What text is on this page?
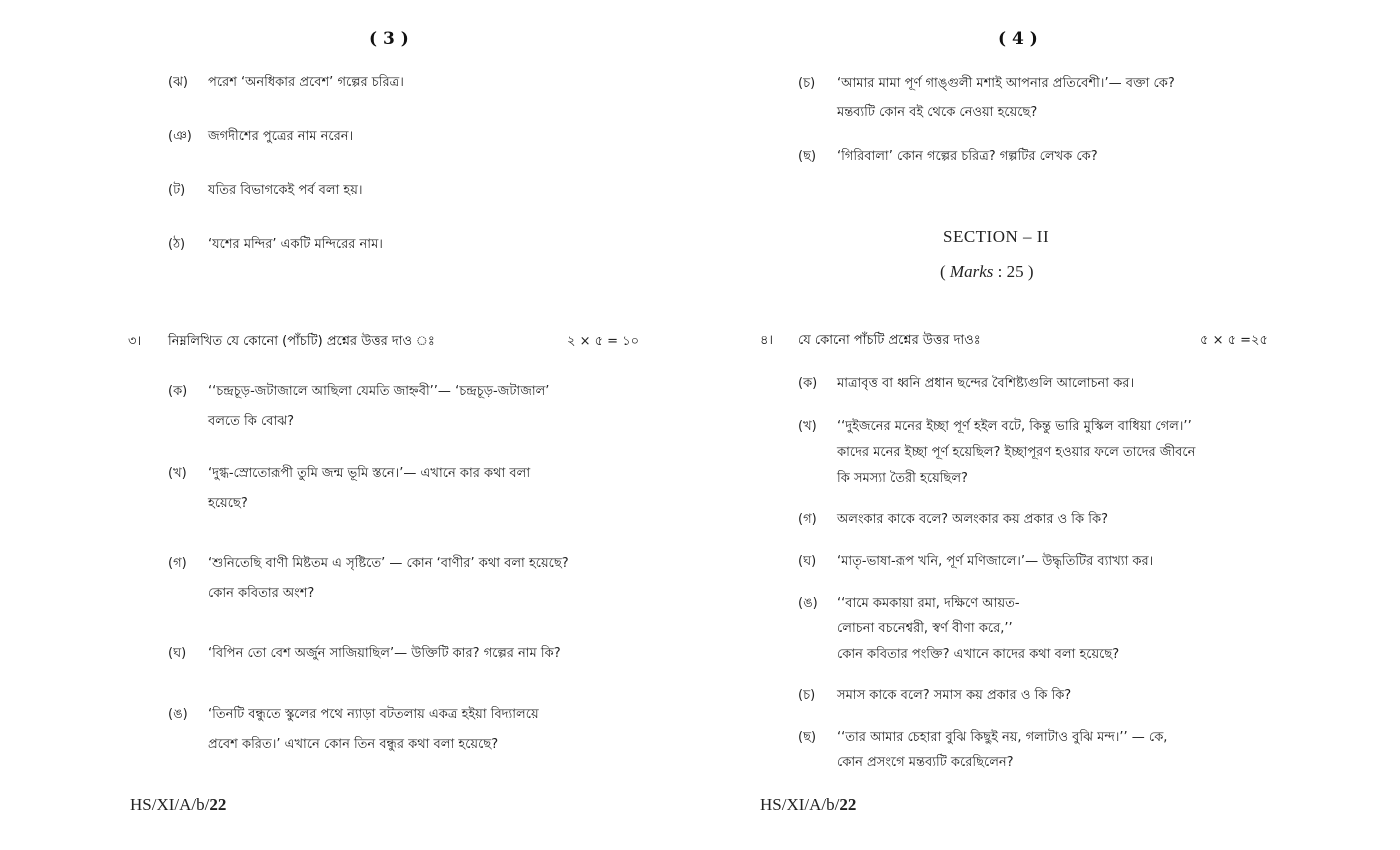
( 3 )
(ঝ) পরেশ ‘অনধিকার প্রবেশ’ গল্পের চরিত্র।
(ঞ) জগদীশের পুত্রের নাম নরেন।
(ট) যতির বিভাগকেই পর্ব বলা হয়।
(ঠ) ‘যশের মন্দির’ একটি মন্দিরের নাম।
৩। নিম্নলিখিত যে কোনো (পাঁচটি) প্রশ্নের উত্তর দাও ঃ	২ × ৫ = ১০
(ক) ‘‘চন্দ্রচূড়-জটাজালে আছিলা যেমতি জাহ্নবী’’— ‘চন্দ্রচূড়-জটাজাল’
বলতে কি বোঝ?
(খ) ‘দুগ্ধ-স্রোতোরূপী তুমি জন্ম ভূমি স্তনে।’— এখানে কার কথা বলা
হয়েছে?
(গ) ‘শুনিতেছি বাণী মিষ্টতম এ সৃষ্টিতে’ — কোন ‘বাণীর’ কথা বলা হয়েছে?
কোন কবিতার অংশ?
(ঘ) ‘বিপিন তো বেশ অর্জুন সাজিয়াছিল’— উক্তিটি কার? গল্পের নাম কি?
(ঙ) ‘তিনটি বন্ধুতে স্কুলের পথে ন্যাড়া বটতলায় একত্র হইয়া বিদ্যালয়ে
প্রবেশ করিত।’ এখানে কোন তিন বন্ধুর কথা বলা হয়েছে?
HS/XI/A/b/22
( 4 )
(চ) ‘আমার মামা পূর্ণ গাঙ্গুলী মশাই আপনার প্রতিবেশী।’— বক্তা কে?
মন্তব্যটি কোন বই থেকে নেওয়া হয়েছে?
(ছ) ‘গিরিবালা’ কোন গল্পের চরিত্র? গল্পটির লেখক কে?
SECTION – II
( Marks : 25 )
৪। যে কোনো পাঁচটি প্রশ্নের উত্তর দাওঃ	৫ × ৫ =২৫
(ক) মাত্রাবৃত্ত বা ধ্বনি প্রধান ছন্দের বৈশিষ্ট্যগুলি আলোচনা কর।
(খ) ‘‘দুইজনের মনের ইচ্ছা পূর্ণ হইল বটে, কিন্তু ভারি মুস্কিল বাধিয়া গেল।’’
কাদের মনের ইচ্ছা পূর্ণ হয়েছিল? ইচ্ছাপূরণ হওয়ার ফলে তাদের জীবনে
কি সমস্যা তৈরী হয়েছিল?
(গ) অলংকার কাকে বলে? অলংকার কয় প্রকার ও কি কি?
(ঘ) ‘মাতৃ-ভাষা-রূপ খনি, পূর্ণ মণিজালে।’— উদ্ধৃতিটির ব্যাখ্যা কর।
(ঙ) ‘‘বামে কমকায়া রমা, দক্ষিণে আয়ত-
লোচনা বচনেশ্বরী, স্বর্ণ বীণা করে,’’
কোন কবিতার পংক্তি? এখানে কাদের কথা বলা হয়েছে?
(চ) সমাস কাকে বলে? সমাস কয় প্রকার ও কি কি?
(ছ) ‘‘তার আমার চেহারা বুঝি কিছুই নয়, গলাটাও বুঝি মন্দ।’’ — কে,
কোন প্রসংগে মন্তব্যটি করেছিলেন?
HS/XI/A/b/22
